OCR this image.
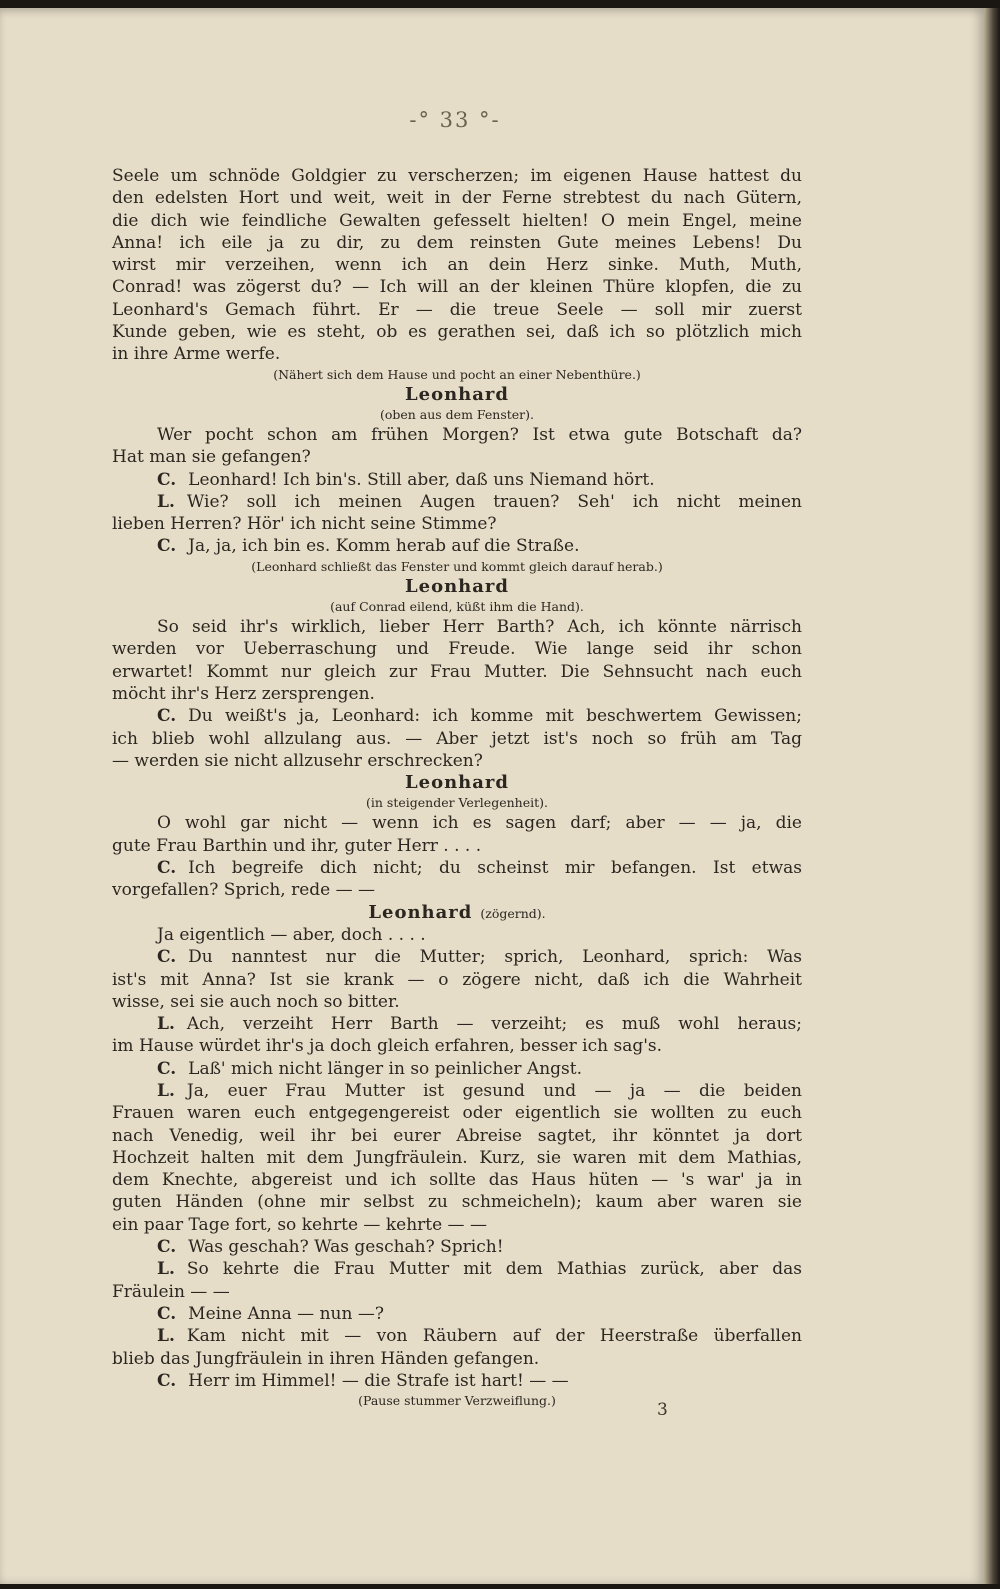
-° 33 °-
Seele um schnöde Goldgier zu verscherzen; im eigenen Hause hattest du
den edelsten Hort und weit, weit in der Ferne strebtest du nach Gütern,
die dich wie feindliche Gewalten gefesselt hielten! O mein Engel, meine
Anna! ich eile ja zu dir, zu dem reinsten Gute meines Lebens! Du
wirst mir verzeihen, wenn ich an dein Herz sinke. Muth, Muth,
Conrad! was zögerst du? — Ich will an der kleinen Thüre klopfen, die zu
Leonhard's Gemach führt. Er — die treue Seele — soll mir zuerst
Kunde geben, wie es steht, ob es gerathen sei, daß ich so plötzlich mich
in ihre Arme werfe.
(Nähert sich dem Hause und pocht an einer Nebenthüre.)
Leonhard
(oben aus dem Fenster).
Wer pocht schon am frühen Morgen? Ist etwa gute Botschaft da?
Hat man sie gefangen?
C. Leonhard! Ich bin's. Still aber, daß uns Niemand hört.
L. Wie? soll ich meinen Augen trauen? Seh' ich nicht meinen
lieben Herren? Hör' ich nicht seine Stimme?
C. Ja, ja, ich bin es. Komm herab auf die Straße.
(Leonhard schließt das Fenster und kommt gleich darauf herab.)
Leonhard
(auf Conrad eilend, küßt ihm die Hand).
So seid ihr's wirklich, lieber Herr Barth? Ach, ich könnte närrisch
werden vor Ueberraschung und Freude. Wie lange seid ihr schon
erwartet! Kommt nur gleich zur Frau Mutter. Die Sehnsucht nach euch
möcht ihr's Herz zersprengen.
C. Du weißt's ja, Leonhard: ich komme mit beschwertem Gewissen;
ich blieb wohl allzulang aus. — Aber jetzt ist's noch so früh am Tag
— werden sie nicht allzusehr erschrecken?
Leonhard
(in steigender Verlegenheit).
O wohl gar nicht — wenn ich es sagen darf; aber — — ja, die
gute Frau Barthin und ihr, guter Herr . . . .
C. Ich begreife dich nicht; du scheinst mir befangen. Ist etwas
vorgefallen? Sprich, rede — —
Leonhard (zögernd).
Ja eigentlich — aber, doch . . . .
C. Du nanntest nur die Mutter; sprich, Leonhard, sprich: Was
ist's mit Anna? Ist sie krank — o zögere nicht, daß ich die Wahrheit
wisse, sei sie auch noch so bitter.
L. Ach, verzeiht Herr Barth — verzeiht; es muß wohl heraus;
im Hause würdet ihr's ja doch gleich erfahren, besser ich sag's.
C. Laß' mich nicht länger in so peinlicher Angst.
L. Ja, euer Frau Mutter ist gesund und — ja — die beiden
Frauen waren euch entgegengereist oder eigentlich sie wollten zu euch
nach Venedig, weil ihr bei eurer Abreise sagtet, ihr könntet ja dort
Hochzeit halten mit dem Jungfräulein. Kurz, sie waren mit dem Mathias,
dem Knechte, abgereist und ich sollte das Haus hüten — 's war' ja in
guten Händen (ohne mir selbst zu schmeicheln); kaum aber waren sie
ein paar Tage fort, so kehrte — kehrte — —
C. Was geschah? Was geschah? Sprich!
L. So kehrte die Frau Mutter mit dem Mathias zurück, aber das
Fräulein — —
C. Meine Anna — nun —?
L. Kam nicht mit — von Räubern auf der Heerstraße überfallen
blieb das Jungfräulein in ihren Händen gefangen.
C. Herr im Himmel! — die Strafe ist hart! — —
(Pause stummer Verzweiflung.)	3
